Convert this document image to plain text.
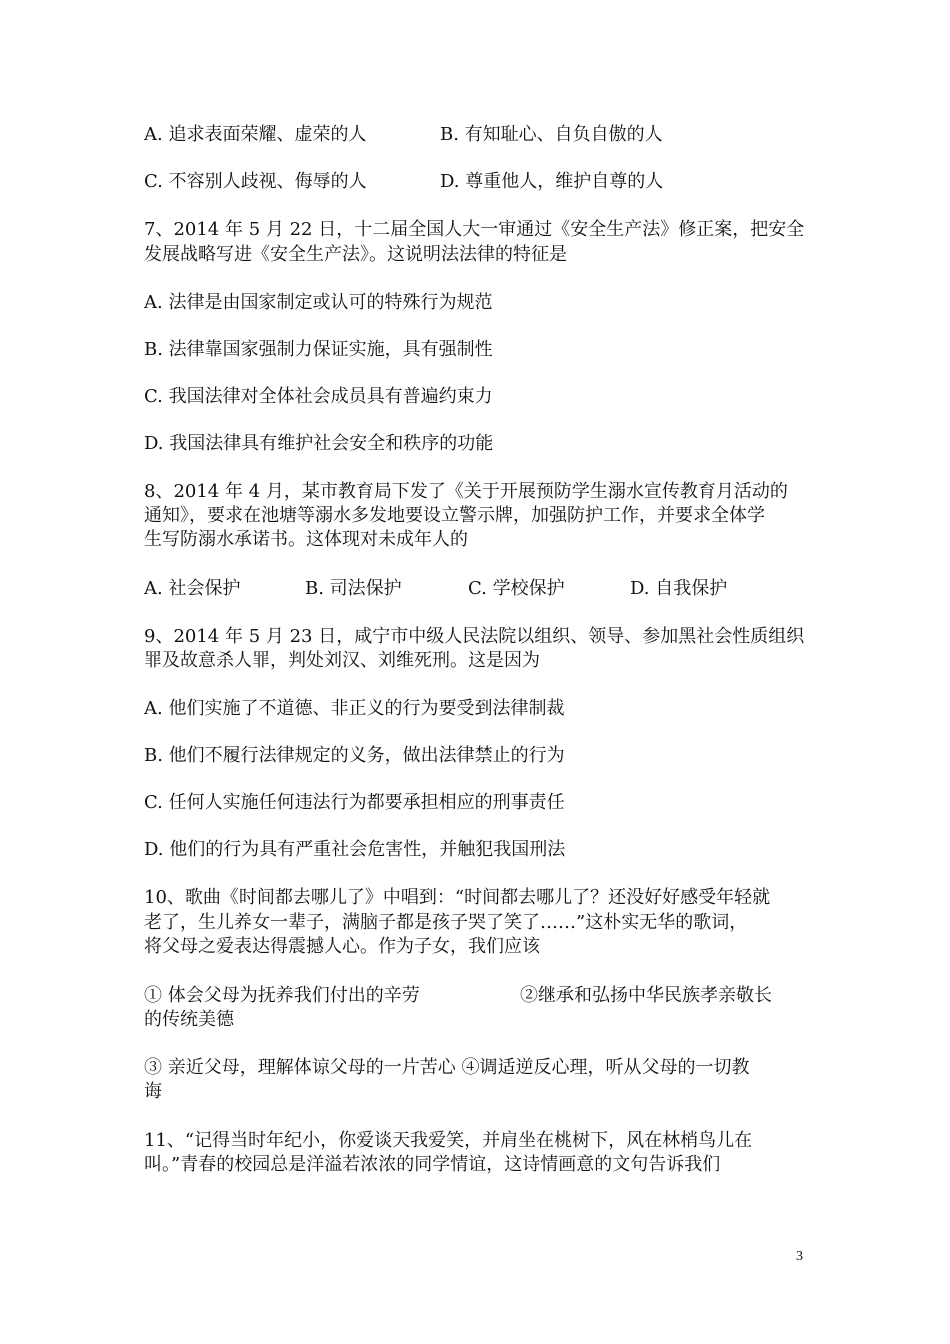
A. 追求表面荣耀、虚荣的人	B. 有知耻心、自负自傲的人
C. 不容别人歧视、侮辱的人	D. 尊重他人，维护自尊的人
7、2014 年 5 月 22 日，十二届全国人大一审通过《安全生产法》修正案，把安全
发展战略写进《安全生产法》。这说明法法律的特征是
A. 法律是由国家制定或认可的特殊行为规范
B. 法律靠国家强制力保证实施，具有强制性
C. 我国法律对全体社会成员具有普遍约束力
D. 我国法律具有维护社会安全和秩序的功能
8、2014 年 4 月，某市教育局下发了《关于开展预防学生溺水宣传教育月活动的
通知》，要求在池塘等溺水多发地要设立警示牌，加强防护工作，并要求全体学
生写防溺水承诺书。这体现对未成年人的
A. 社会保护	B. 司法保护	C. 学校保护	D. 自我保护
9、2014 年 5 月 23 日，咸宁市中级人民法院以组织、领导、参加黑社会性质组织
罪及故意杀人罪，判处刘汉、刘维死刑。这是因为
A. 他们实施了不道德、非正义的行为要受到法律制裁
B. 他们不履行法律规定的义务，做出法律禁止的行为
C. 任何人实施任何违法行为都要承担相应的刑事责任
D. 他们的行为具有严重社会危害性，并触犯我国刑法
10、歌曲《时间都去哪儿了》中唱到：“时间都去哪儿了？还没好好感受年轻就
老了，生儿养女一辈子，满脑子都是孩子哭了笑了……”这朴实无华的歌词，
将父母之爱表达得震撼人心。作为子女，我们应该
① 体会父母为抚养我们付出的辛劳	②继承和弘扬中华民族孝亲敬长
的传统美德
③ 亲近父母，理解体谅父母的一片苦心 ④调适逆反心理，听从父母的一切教
诲
11、“记得当时年纪小，你爱谈天我爱笑，并肩坐在桃树下，风在林梢鸟儿在
叫。”青春的校园总是洋溢若浓浓的同学情谊，这诗情画意的文句告诉我们
3
